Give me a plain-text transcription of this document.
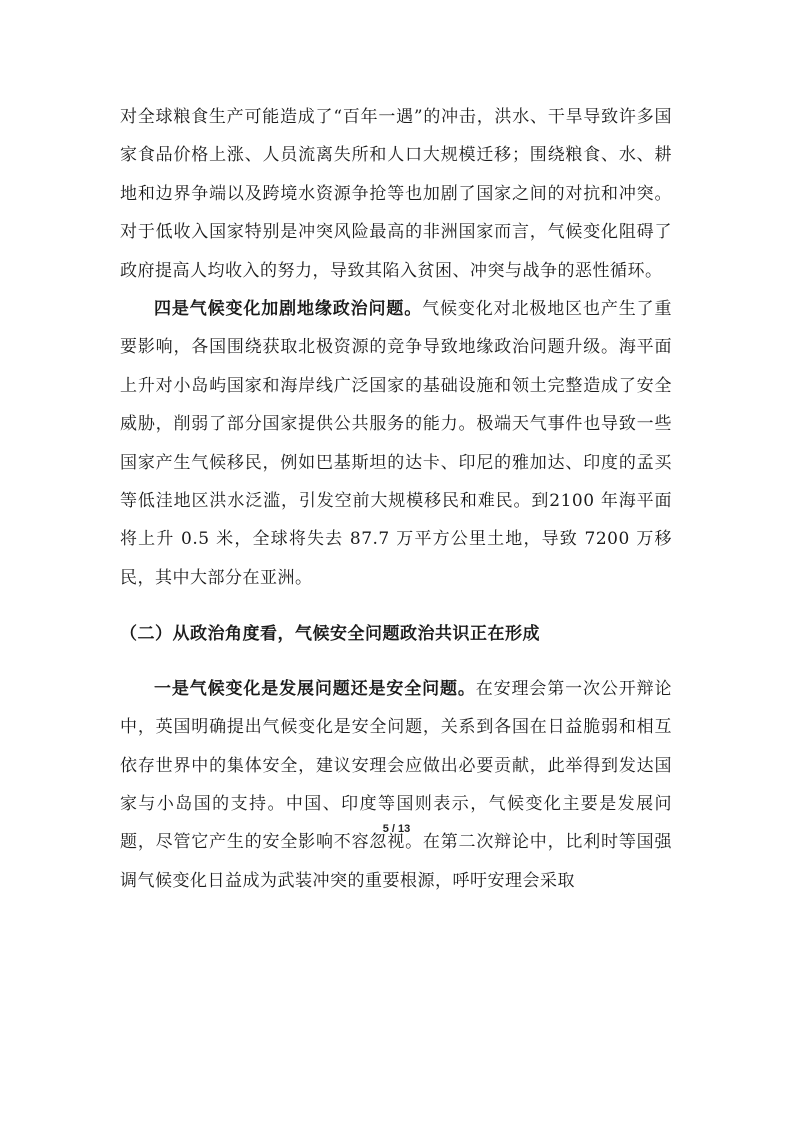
对全球粮食生产可能造成了“百年一遇”的冲击，洪水、干旱导致许多国家食品价格上涨、人员流离失所和人口大规模迁移；围绕粮食、水、耕地和边界争端以及跨境水资源争抢等也加剧了国家之间的对抗和冲突。对于低收入国家特别是冲突风险最高的非洲国家而言，气候变化阻碍了政府提高人均收入的努力，导致其陷入贫困、冲突与战争的恶性循环。

四是气候变化加剧地缘政治问题。气候变化对北极地区也产生了重要影响，各国围绕获取北极资源的竞争导致地缘政治问题升级。海平面上升对小岛屿国家和海岸线广泛国家的基础设施和领土完整造成了安全威胁，削弱了部分国家提供公共服务的能力。极端天气事件也导致一些国家产生气候移民，例如巴基斯坦的达卡、印尼的雅加达、印度的孟买等低洼地区洪水泛滥，引发空前大规模移民和难民。到2100 年海平面将上升 0.5 米，全球将失去 87.7 万平方公里土地，导致 7200 万移民，其中大部分在亚洲。

（二）从政治角度看，气候安全问题政治共识正在形成

一是气候变化是发展问题还是安全问题。在安理会第一次公开辩论中，英国明确提出气候变化是安全问题，关系到各国在日益脆弱和相互依存世界中的集体安全，建议安理会应做出必要贡献，此举得到发达国家与小岛国的支持。中国、印度等国则表示，气候变化主要是发展问题，尽管它产生的安全影响不容忽视。在第二次辩论中，比利时等国强调气候变化日益成为武装冲突的重要根源，呼吁安理会采取

5 / 13
